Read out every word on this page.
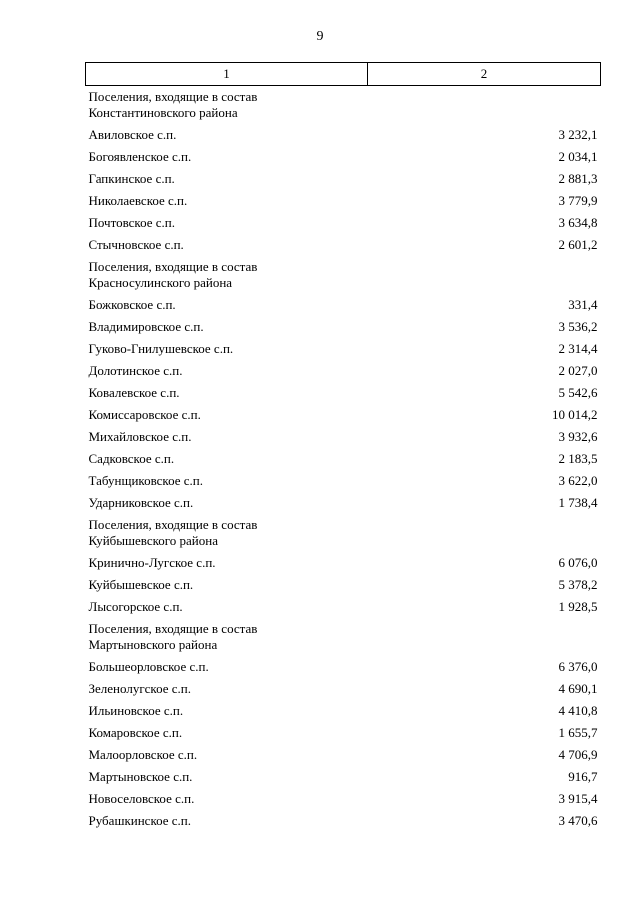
9
1	2

Поселения, входящие в состав
Константиновского района	

Авиловское с.п.	3 232,1
Богоявленское с.п.	2 034,1
Гапкинское с.п.	2 881,3
Николаевское с.п.	3 779,9
Почтовское с.п.	3 634,8
Стычновское с.п.	2 601,2

Поселения, входящие в состав
Красносулинского района	

Божковское с.п.	331,4
Владимировское с.п.	3 536,2
Гуково-Гнилушевское с.п.	2 314,4
Долотинское с.п.	2 027,0
Ковалевское с.п.	5 542,6
Комиссаровское с.п.	10 014,2
Михайловское с.п.	3 932,6
Садковское с.п.	2 183,5
Табунщиковское с.п.	3 622,0
Ударниковское с.п.	1 738,4

Поселения, входящие в состав
Куйбышевского района	

Кринично-Лугское с.п.	6 076,0
Куйбышевское с.п.	5 378,2
Лысогорское с.п.	1 928,5

Поселения, входящие в состав
Мартыновского района	

Большеорловское с.п.	6 376,0
Зеленолугское с.п.	4 690,1
Ильиновское с.п.	4 410,8
Комаровское с.п.	1 655,7
Малоорловское с.п.	4 706,9
Мартыновское с.п.	916,7
Новоселовское с.п.	3 915,4
Рубашкинское с.п.	3 470,6
